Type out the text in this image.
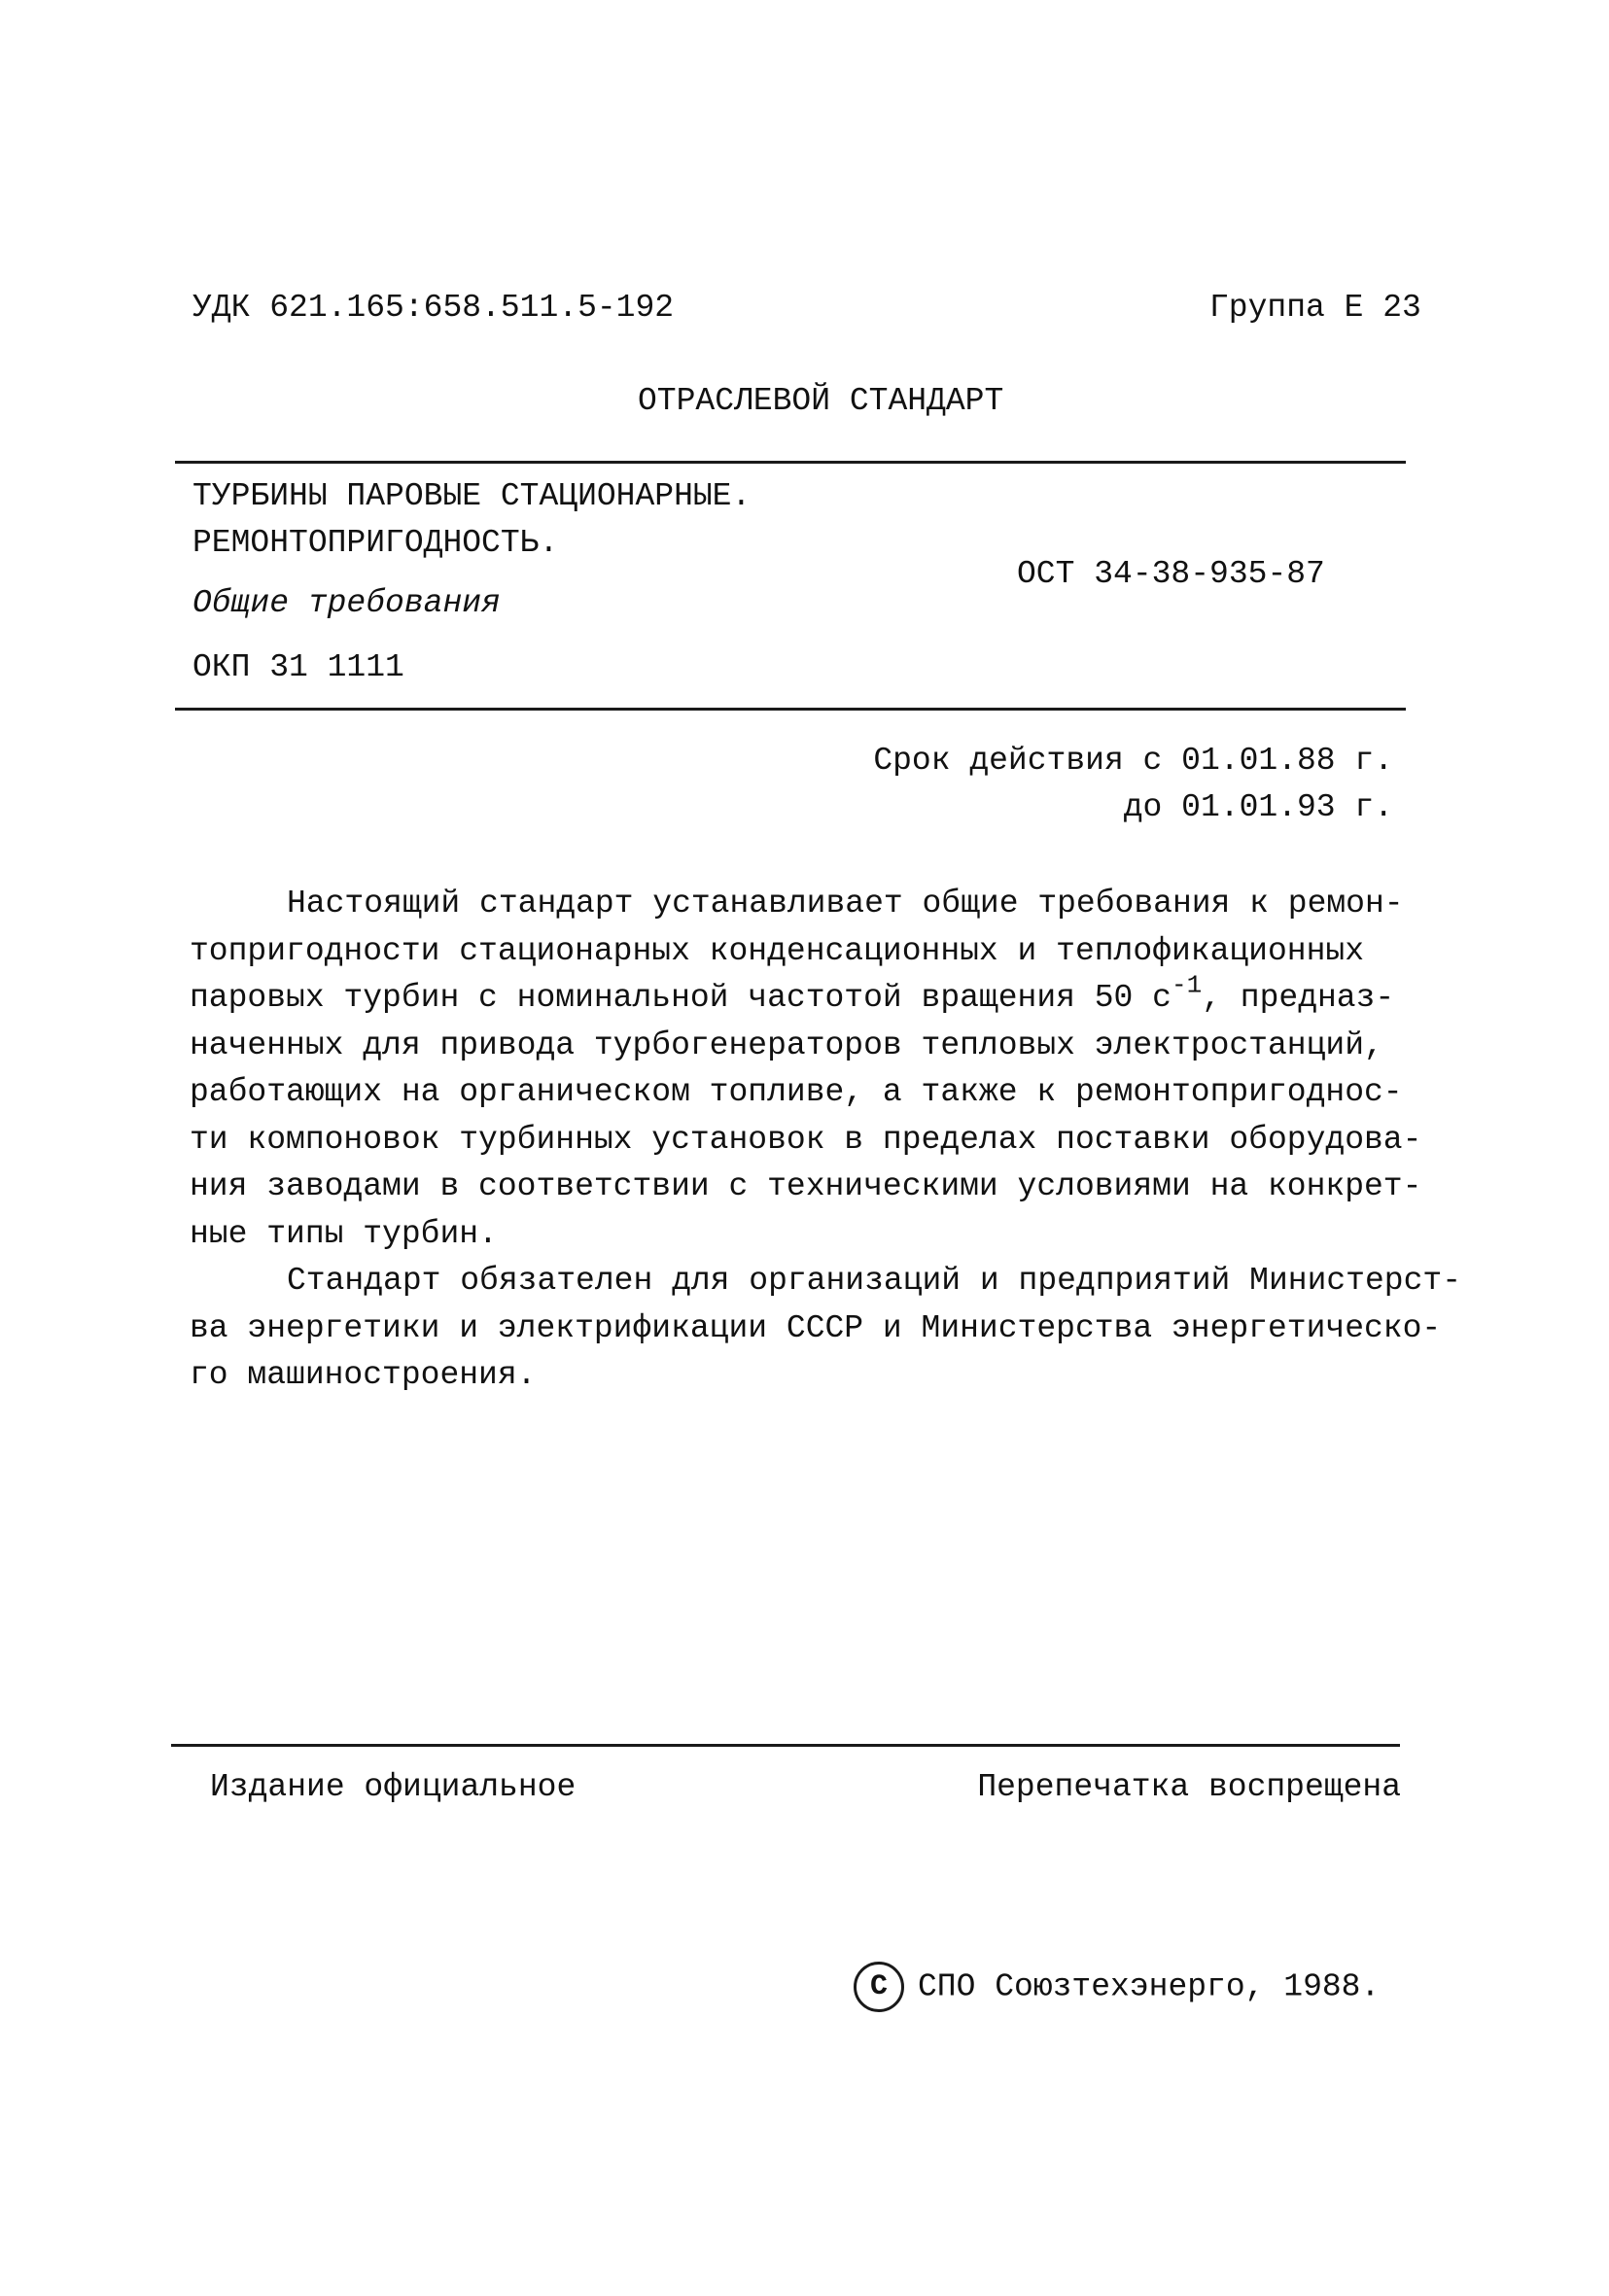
УДК 621.165:658.511.5-192	Группа Е 23
ОТРАСЛЕВОЙ СТАНДАРТ
ТУРБИНЫ ПАРОВЫЕ СТАЦИОНАРНЫЕ.
РЕМОНТОПРИГОДНОСТЬ.
Общие требования
ОКП 31 1111
ОСТ 34-38-935-87
Срок действия с 01.01.88 г.
до 01.01.93 г.
Настоящий стандарт устанавливает общие требования к ремон-
топригодности стационарных конденсационных и теплофикационных
паровых турбин с номинальной частотой вращения 50 $с^{-1}$, предназ-
наченных для привода турбогенераторов тепловых электростанций,
работающих на органическом топливе, а также к ремонтопригоднос-
ти компоновок турбинных установок в пределах поставки оборудова-
ния заводами в соответствии с техническими условиями на конкрет-
ные типы турбин.
Стандарт обязателен для организаций и предприятий Министерст-
ва энергетики и электрификации СССР и Министерства энергетическо-
го машиностроения.
Издание официальное	Перепечатка воспрещена
С СПО Союзтехэнерго, 1988.
